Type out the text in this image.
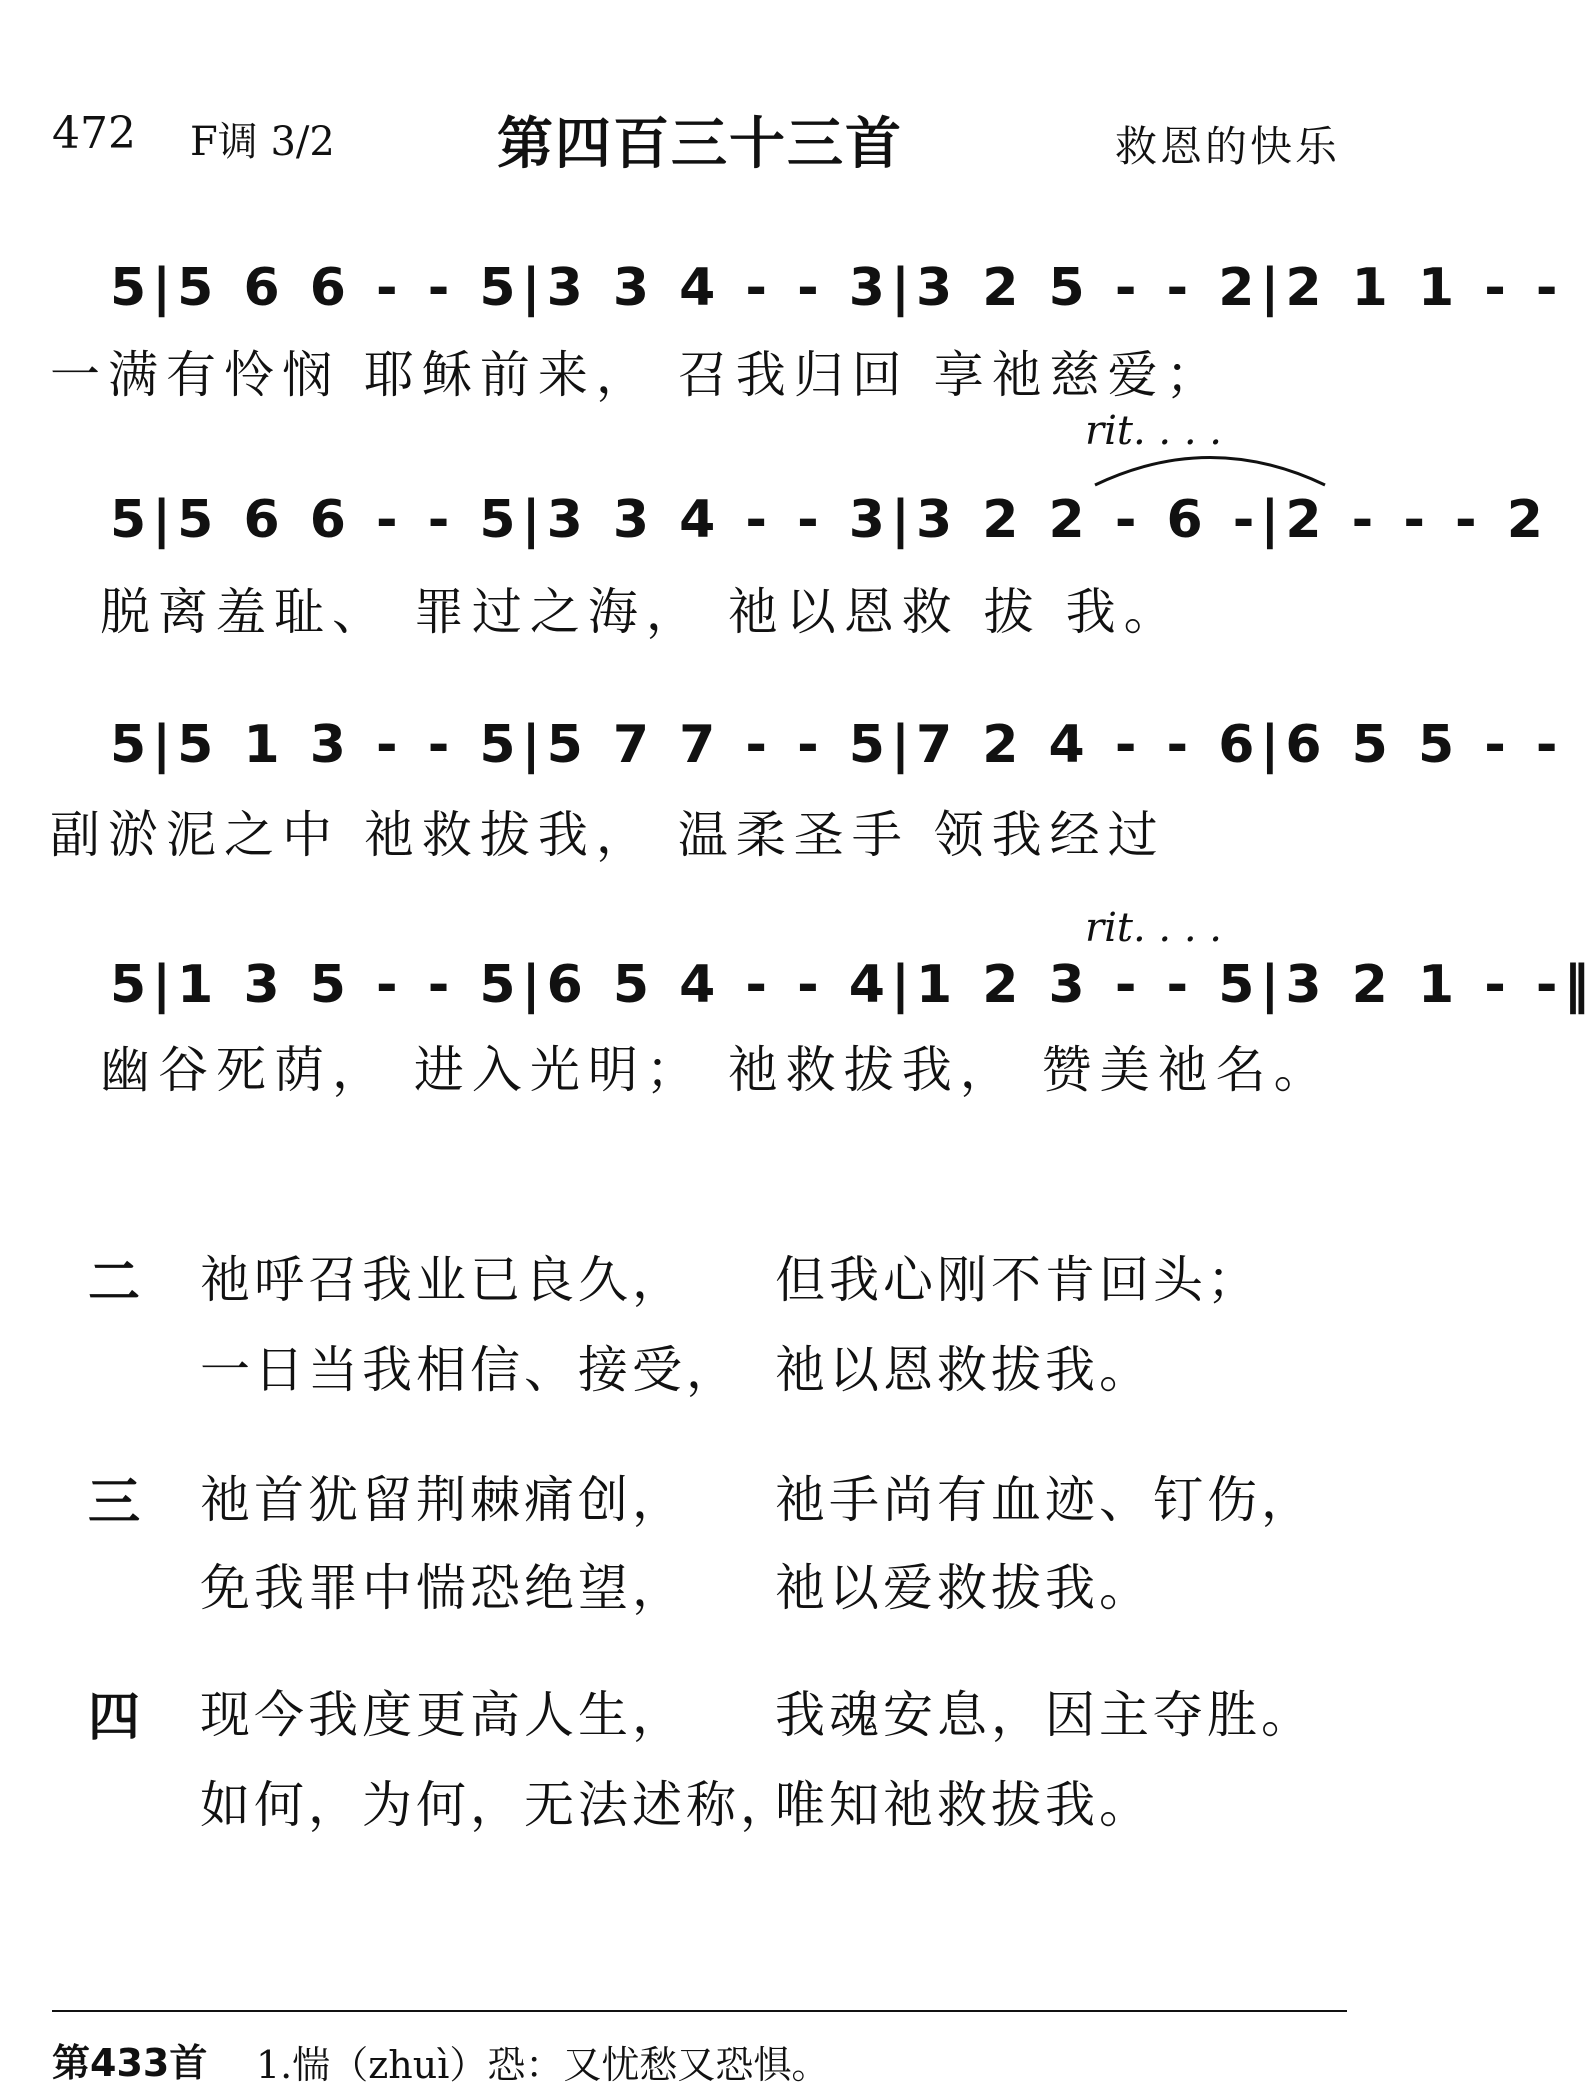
472 F调 3/2	第四百三十三首	救恩的快乐
rit. . . .
rit. . . .
5|5 6 6 - - 5|3 3 4 - - 3|3 2 5 - - 2|2 1 1 - -
一满有怜悯 耶稣前来， 召我归回 享祂慈爱；
5|5 6 6 - - 5|3 3 4 - - 3|3 2 2 - 6 -|2 - - - 2
脱离羞耻、 罪过之海， 祂以恩救 拔 我。
5|5 1 3 - - 5|5 7 7 - - 5|7 2 4 - - 6|6 5 5 - -
副淤泥之中 祂救拔我， 温柔圣手 领我经过
5|1 3 5 - - 5|6 5 4 - - 4|1 2 3 - - 5|3 2 1 - -‖
幽谷死荫， 进入光明； 祂救拔我， 赞美祂名。
二 祂呼召我业已良久， 但我心刚不肯回头；
一日当我相信、接受， 祂以恩救拔我。
三 祂首犹留荆棘痛创， 祂手尚有血迹、钉伤，
免我罪中惴恐绝望， 祂以爱救拔我。
四 现今我度更高人生， 我魂安息，因主夺胜。
如何，为何，无法述称，
唯知祂救拔我。
第433首 1.惴（zhuì）恐：又忧愁又恐惧。
